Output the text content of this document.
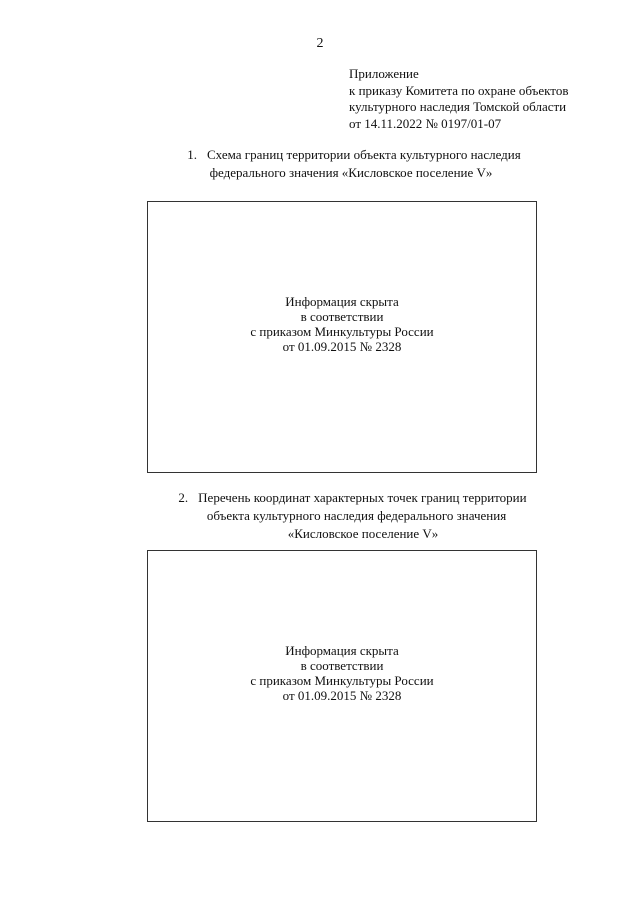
2
Приложение
к приказу Комитета по охране объектов
культурного наследия Томской области
от 14.11.2022 № 0197/01-07
1. Схема границ территории объекта культурного наследия
федерального значения «Кисловское поселение V»
Информация скрыта
в соответствии
с приказом Минкультуры России
от 01.09.2015 № 2328
2. Перечень координат характерных точек границ территории
объекта культурного наследия федерального значения
«Кисловское поселение V»
Информация скрыта
в соответствии
с приказом Минкультуры России
от 01.09.2015 № 2328
